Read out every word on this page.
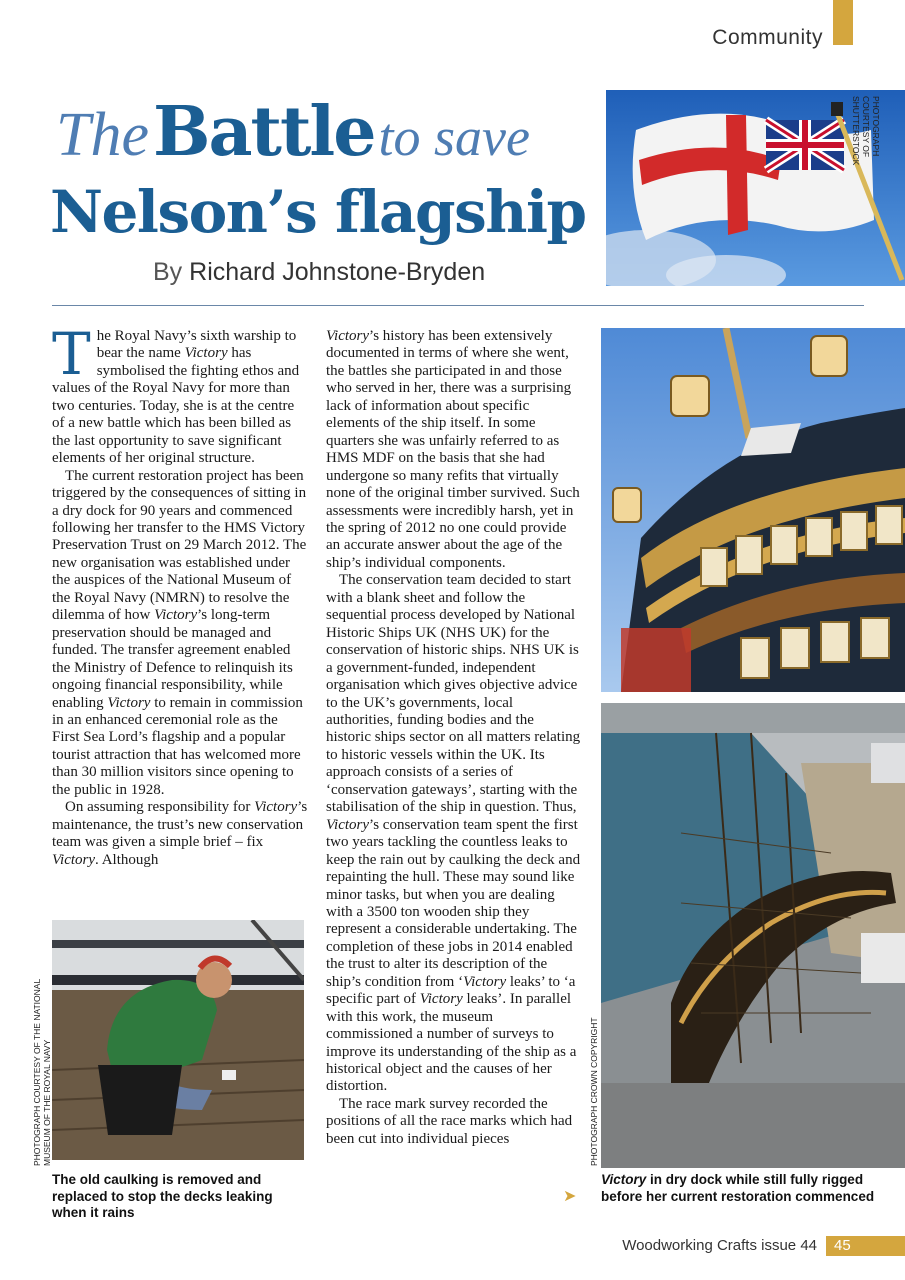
Community
The Battle to save
Nelson’s flagship
By Richard Johnstone-Bryden
PHOTOGRAPH COURTESY OF SHUTTERSTOCK
PHOTOGRAPH CROWN COPYRIGHT
PHOTOGRAPH COURTESY OF THE NATIONAL MUSEUM OF THE ROYAL NAVY

The Royal Navy’s sixth warship to bear the name Victory has symbolised the fighting ethos and values of the Royal Navy for more than two centuries. Today, she is at the centre of a new battle which has been billed as the last opportunity to save significant elements of her original structure.

The current restoration project has been triggered by the consequences of sitting in a dry dock for 90 years and commenced following her transfer to the HMS Victory Preservation Trust on 29 March 2012. The new organisation was established under the auspices of the National Museum of the Royal Navy (NMRN) to resolve the dilemma of how Victory’s long-term preservation should be managed and funded. The transfer agreement enabled the Ministry of Defence to relinquish its ongoing financial responsibility, while enabling Victory to remain in commission in an enhanced ceremonial role as the First Sea Lord’s flagship and a popular tourist attraction that has welcomed more than 30 million visitors since opening to the public in 1928.

On assuming responsibility for Victory’s maintenance, the trust’s new conservation team was given a simple brief – fix Victory. Although

Victory’s history has been extensively documented in terms of where she went, the battles she participated in and those who served in her, there was a surprising lack of information about specific elements of the ship itself. In some quarters she was unfairly referred to as HMS MDF on the basis that she had undergone so many refits that virtually none of the original timber survived. Such assessments were incredibly harsh, yet in the spring of 2012 no one could provide an accurate answer about the age of the ship’s individual components.

The conservation team decided to start with a blank sheet and follow the sequential process developed by National Historic Ships UK (NHS UK) for the conservation of historic ships. NHS UK is a government-funded, independent organisation which gives objective advice to the UK’s governments, local authorities, funding bodies and the historic ships sector on all matters relating to historic vessels within the UK. Its approach consists of a series of ‘conservation gateways’, starting with the stabilisation of the ship in question. Thus, Victory’s conservation team spent the first two years tackling the countless leaks to keep the rain out by caulking the deck and repainting the hull. These may sound like minor tasks, but when you are dealing with a 3500 ton wooden ship they represent a considerable undertaking. The completion of these jobs in 2014 enabled the trust to alter its description of the ship’s condition from ‘Victory leaks’ to ‘a specific part of Victory leaks’. In parallel with this work, the museum commissioned a number of surveys to improve its understanding of the ship as a historical object and the causes of her distortion.

The race mark survey recorded the positions of all the race marks which had been cut into individual pieces

➤
The old caulking is removed and replaced to stop the decks leaking when it rains
Victory in dry dock while still fully rigged before her current restoration commenced
Woodworking Crafts issue 44	45
